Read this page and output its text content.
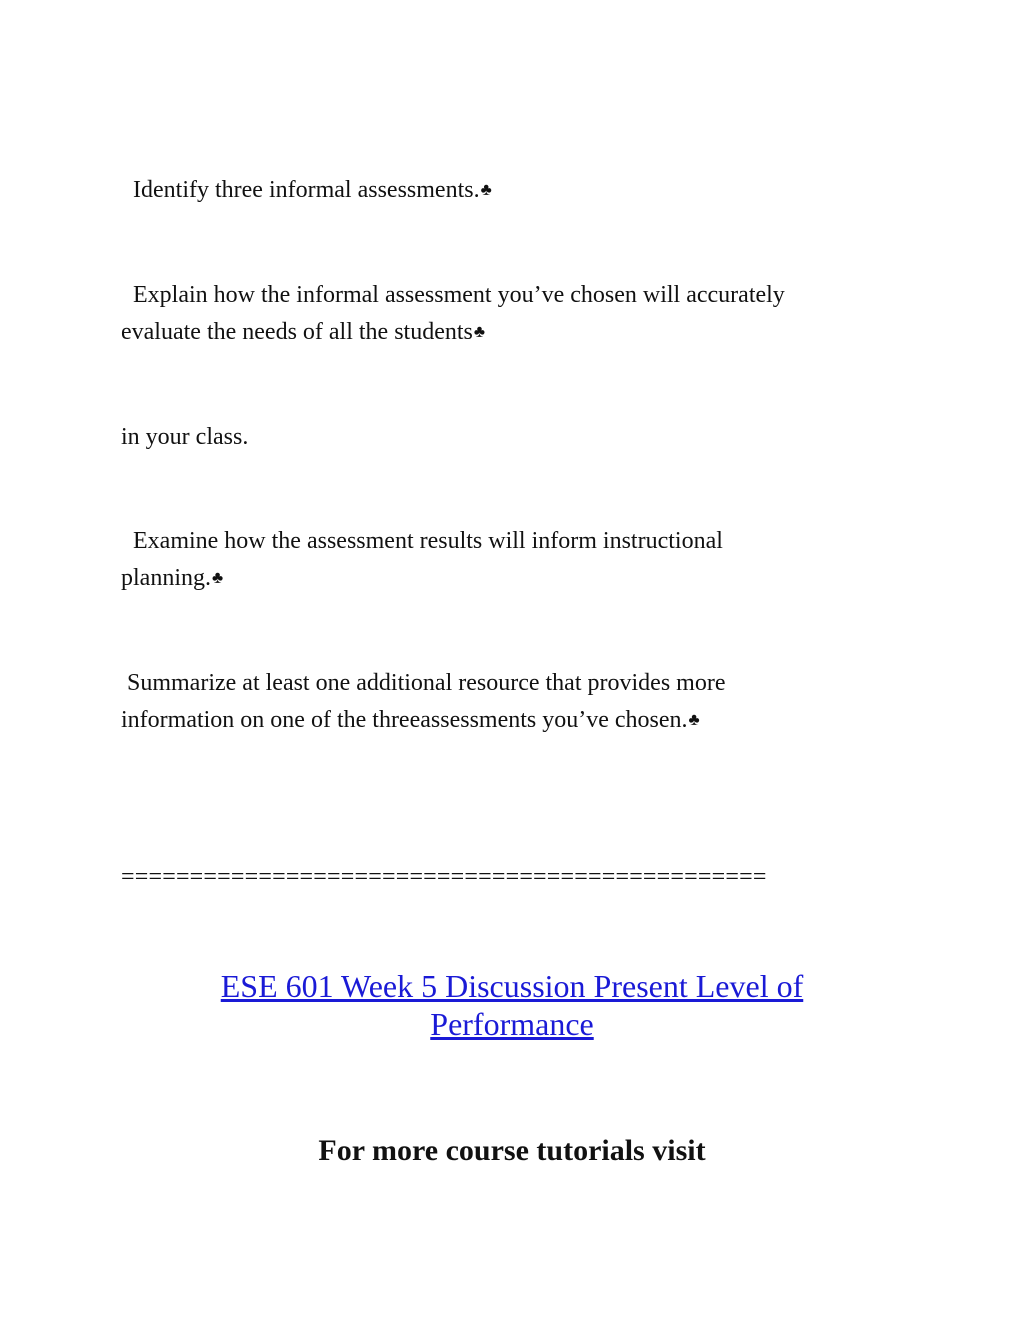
Identify three informal assessments.♣
Explain how the informal assessment you’ve chosen will accurately
evaluate the needs of all the students♣
in your class.
Examine how the assessment results will inform instructional
planning.♣
Summarize at least one additional resource that provides more
information on one of the threeassessments you’ve chosen.♣
===============================================
ESE 601 Week 5 Discussion Present Level of
Performance
For more course tutorials visit
